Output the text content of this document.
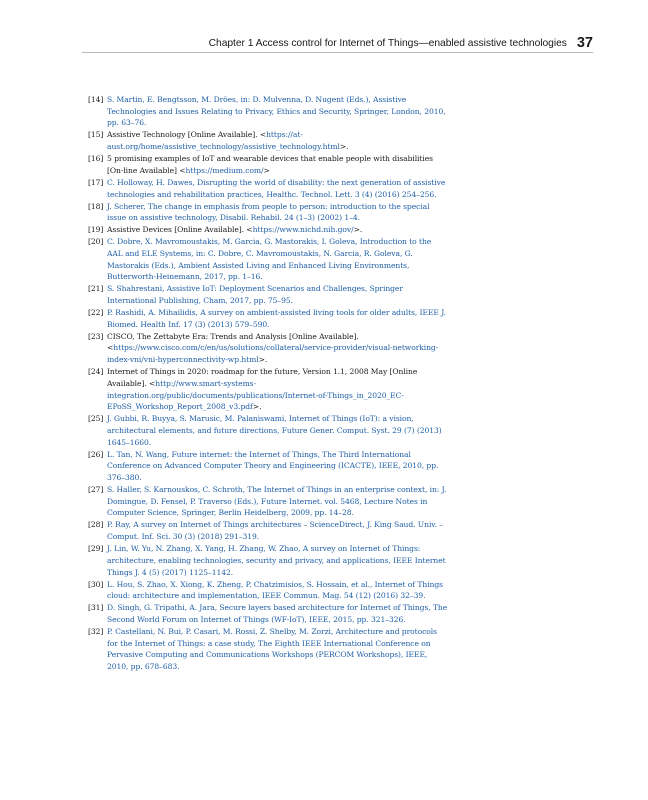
Chapter 1 Access control for Internet of Things—enabled assistive technologies 37
[14] S. Martin, E. Bengtsson, M. Dröes, in: D. Mulvenna, D. Nugent (Eds.), Assistive Technologies and Issues Relating to Privacy, Ethics and Security, Springer, London, 2010, pp. 63–76.
[15] Assistive Technology [Online Available]. <https://at-aust.org/home/assistive_technology/assistive_technology.html>.
[16] 5 promising examples of IoT and wearable devices that enable people with disabilities [On-line Available] <https://medium.com/>
[17] C. Holloway, H. Dawes, Disrupting the world of disability: the next generation of assistive technologies and rehabilitation practices, Healthc. Technol. Lett. 3 (4) (2016) 254–256.
[18] J. Scherer, The change in emphasis from people to person: introduction to the special issue on assistive technology, Disabil. Rehabil. 24 (1–3) (2002) 1–4.
[19] Assistive Devices [Online Available]. <https://www.nichd.nih.gov/>.
[20] C. Dobre, X. Mavromoustakis, M. Garcia, G. Mastorakis, I. Goleva, Introduction to the AAL and ELE Systems, in: C. Dobre, C. Mavromoustakis, N. Garcia, R. Goleva, G. Mastorakis (Eds.), Ambient Assisted Living and Enhanced Living Environments, Butterworth-Heinemann, 2017, pp. 1–16.
[21] S. Shahrestani, Assistive IoT: Deployment Scenarios and Challenges, Springer International Publishing, Cham, 2017, pp. 75–95.
[22] P. Rashidi, A. Mihailidis, A survey on ambient-assisted living tools for older adults, IEEE J. Biomed. Health Inf. 17 (3) (2013) 579–590.
[23] CISCO, The Zettabyte Era: Trends and Analysis [Online Available]. <https://www.cisco.com/c/en/us/solutions/collateral/service-provider/visual-networking-index-vni/vni-hyperconnectivity-wp.html>.
[24] Internet of Things in 2020: roadmap for the future, Version 1.1, 2008 May [Online Available]. <http://www.smart-systems-integration.org/public/documents/publications/Internet-of-Things_in_2020_EC-EPoSS_Workshop_Report_2008_v3.pdf>.
[25] J. Gubbi, R. Buyya, S. Marusic, M. Palaniswami, Internet of Things (IoT): a vision, architectural elements, and future directions, Future Gener. Comput. Syst. 29 (7) (2013) 1645–1660.
[26] L. Tan, N. Wang, Future internet: the Internet of Things, The Third International Conference on Advanced Computer Theory and Engineering (ICACTE), IEEE, 2010, pp. 376–380.
[27] S. Haller, S. Karnouskos, C. Schroth, The Internet of Things in an enterprise context, in: J. Domingue, D. Fensel, P. Traverso (Eds.), Future Internet. vol. 5468, Lecture Notes in Computer Science, Springer, Berlin Heidelberg, 2009, pp. 14–28.
[28] P. Ray, A survey on Internet of Things architectures – ScienceDirect, J. King Saud. Univ. – Comput. Inf. Sci. 30 (3) (2018) 291–319.
[29] J. Lin, W. Yu, N. Zhang, X. Yang, H. Zhang, W. Zhao, A survey on Internet of Things: architecture, enabling technologies, security and privacy, and applications, IEEE Internet Things J. 4 (5) (2017) 1125–1142.
[30] L. Hou, S. Zhao, X. Xiong, K. Zheng, P. Chatzimisios, S. Hossain, et al., Internet of Things cloud: architecture and implementation, IEEE Commun. Mag. 54 (12) (2016) 32–39.
[31] D. Singh, G. Tripathi, A. Jara, Secure layers based architecture for Internet of Things, The Second World Forum on Internet of Things (WF-IoT), IEEE, 2015, pp. 321–326.
[32] P. Castellani, N. Bui, P. Casari, M. Rossi, Z. Shelby, M. Zorzi, Architecture and protocols for the Internet of Things: a case study, The Eighth IEEE International Conference on Pervasive Computing and Communications Workshops (PERCOM Workshops), IEEE, 2010, pp. 678–683.
